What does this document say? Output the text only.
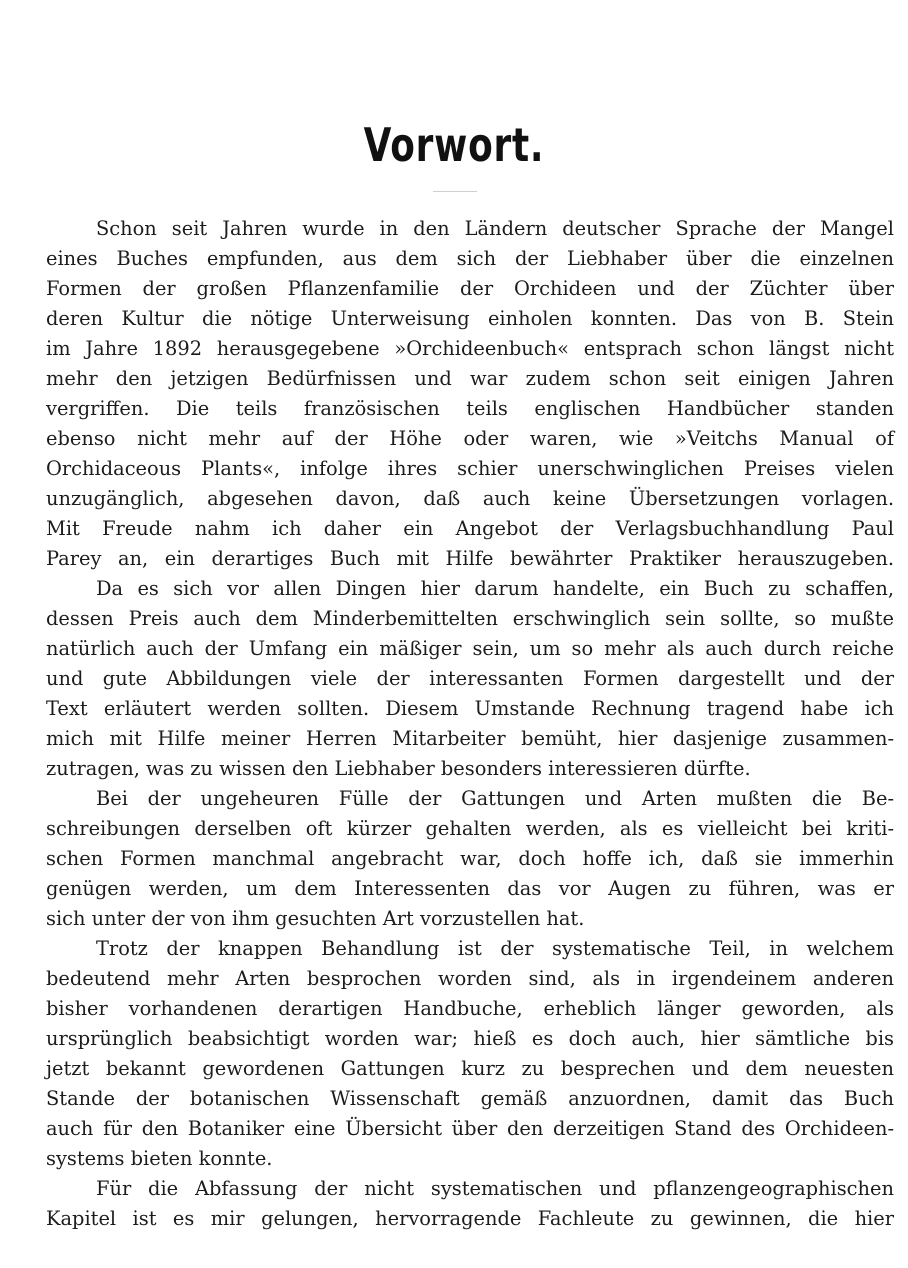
Vorwort.
Schon seit Jahren wurde in den Ländern deutscher Sprache der Mangel
eines Buches empfunden, aus dem sich der Liebhaber über die einzelnen
Formen der großen Pflanzenfamilie der Orchideen und der Züchter über
deren Kultur die nötige Unterweisung einholen konnten. Das von B. Stein
im Jahre 1892 herausgegebene »Orchideenbuch« entsprach schon längst nicht
mehr den jetzigen Bedürfnissen und war zudem schon seit einigen Jahren
vergriffen. Die teils französischen teils englischen Handbücher standen
ebenso nicht mehr auf der Höhe oder waren, wie »Veitchs Manual of
Orchidaceous Plants«, infolge ihres schier unerschwinglichen Preises vielen
unzugänglich, abgesehen davon, daß auch keine Übersetzungen vorlagen.
Mit Freude nahm ich daher ein Angebot der Verlagsbuchhandlung Paul
Parey an, ein derartiges Buch mit Hilfe bewährter Praktiker herauszugeben.
Da es sich vor allen Dingen hier darum handelte, ein Buch zu schaffen,
dessen Preis auch dem Minderbemittelten erschwinglich sein sollte, so mußte
natürlich auch der Umfang ein mäßiger sein, um so mehr als auch durch reiche
und gute Abbildungen viele der interessanten Formen dargestellt und der
Text erläutert werden sollten. Diesem Umstande Rechnung tragend habe ich
mich mit Hilfe meiner Herren Mitarbeiter bemüht, hier dasjenige zusammen-
zutragen, was zu wissen den Liebhaber besonders interessieren dürfte.
Bei der ungeheuren Fülle der Gattungen und Arten mußten die Be-
schreibungen derselben oft kürzer gehalten werden, als es vielleicht bei kriti-
schen Formen manchmal angebracht war, doch hoffe ich, daß sie immerhin
genügen werden, um dem Interessenten das vor Augen zu führen, was er
sich unter der von ihm gesuchten Art vorzustellen hat.
Trotz der knappen Behandlung ist der systematische Teil, in welchem
bedeutend mehr Arten besprochen worden sind, als in irgendeinem anderen
bisher vorhandenen derartigen Handbuche, erheblich länger geworden, als
ursprünglich beabsichtigt worden war; hieß es doch auch, hier sämtliche bis
jetzt bekannt gewordenen Gattungen kurz zu besprechen und dem neuesten
Stande der botanischen Wissenschaft gemäß anzuordnen, damit das Buch
auch für den Botaniker eine Übersicht über den derzeitigen Stand des Orchideen-
systems bieten konnte.
Für die Abfassung der nicht systematischen und pflanzengeographischen
Kapitel ist es mir gelungen, hervorragende Fachleute zu gewinnen, die hier
